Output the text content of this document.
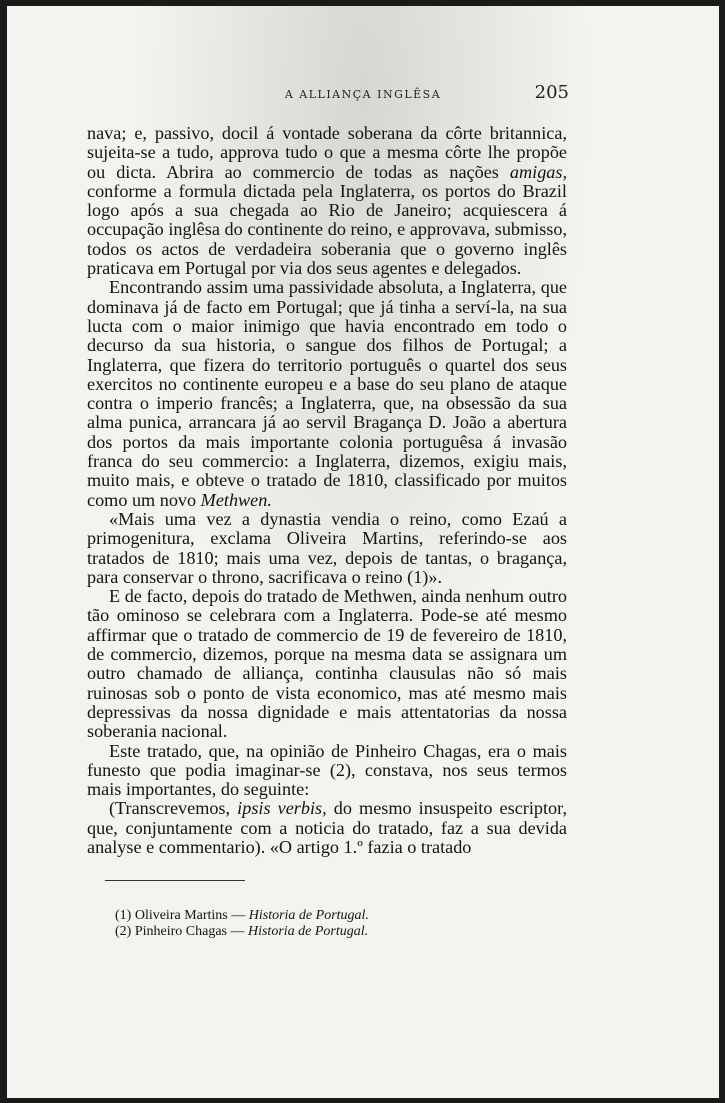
A ALLIANÇA INGLÊSA	205

nava; e, passivo, docil á vontade soberana da côrte britannica, sujeita-se a tudo, approva tudo o que a mesma côrte lhe propõe ou dicta. Abrira ao commercio de todas as nações amigas, conforme a formula dictada pela Inglaterra, os portos do Brazil logo após a sua chegada ao Rio de Janeiro; acquiescera á occupação inglêsa do continente do reino, e approvava, submisso, todos os actos de verdadeira soberania que o governo inglês praticava em Portugal por via dos seus agentes e delegados.

Encontrando assim uma passividade absoluta, a Inglaterra, que dominava já de facto em Portugal; que já tinha a serví-la, na sua lucta com o maior inimigo que havia encontrado em todo o decurso da sua historia, o sangue dos filhos de Portugal; a Inglaterra, que fizera do territorio português o quartel dos seus exercitos no continente europeu e a base do seu plano de ataque contra o imperio francês; a Inglaterra, que, na obsessão da sua alma punica, arrancara já ao servil Bragança D. João a abertura dos portos da mais importante colonia portuguêsa á invasão franca do seu commercio: a Inglaterra, dizemos, exigiu mais, muito mais, e obteve o tratado de 1810, classificado por muitos como um novo Methwen.

«Mais uma vez a dynastia vendia o reino, como Ezaú a primogenitura, exclama Oliveira Martins, referindo-se aos tratados de 1810; mais uma vez, depois de tantas, o bragança, para conservar o throno, sacrificava o reino (1)».

E de facto, depois do tratado de Methwen, ainda nenhum outro tão ominoso se celebrara com a Inglaterra. Pode-se até mesmo affirmar que o tratado de commercio de 19 de fevereiro de 1810, de commercio, dizemos, porque na mesma data se assignara um outro chamado de alliança, continha clausulas não só mais ruinosas sob o ponto de vista economico, mas até mesmo mais depressivas da nossa dignidade e mais attentatorias da nossa soberania nacional.

Este tratado, que, na opinião de Pinheiro Chagas, era o mais funesto que podia imaginar-se (2), constava, nos seus termos mais importantes, do seguinte:

(Transcrevemos, ipsis verbis, do mesmo insuspeito escriptor, que, conjuntamente com a noticia do tratado, faz a sua devida analyse e commentario). «O artigo 1.º fazia o tratado

(1) Oliveira Martins — Historia de Portugal.
(2) Pinheiro Chagas — Historia de Portugal.
